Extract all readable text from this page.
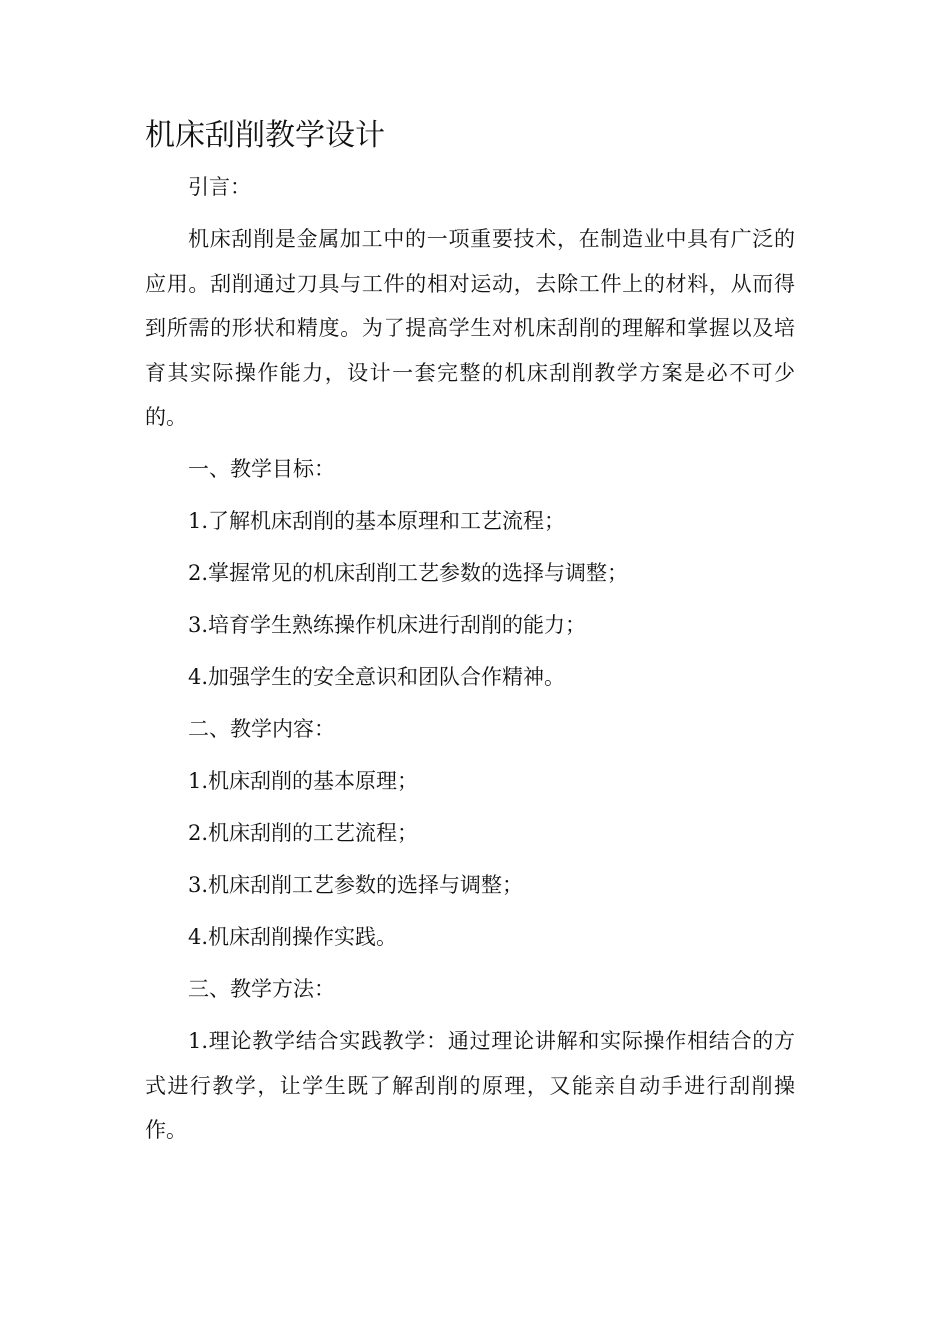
机床刮削教学设计

引言：

机床刮削是金属加工中的一项重要技术，在制造业中具有广泛的应用。刮削通过刀具与工件的相对运动，去除工件上的材料，从而得到所需的形状和精度。为了提高学生对机床刮削的理解和掌握以及培育其实际操作能力，设计一套完整的机床刮削教学方案是必不可少的。

一、教学目标：

1.了解机床刮削的基本原理和工艺流程；

2.掌握常见的机床刮削工艺参数的选择与调整；

3.培育学生熟练操作机床进行刮削的能力；

4.加强学生的安全意识和团队合作精神。

二、教学内容：

1.机床刮削的基本原理；

2.机床刮削的工艺流程；

3.机床刮削工艺参数的选择与调整；

4.机床刮削操作实践。

三、教学方法：

1.理论教学结合实践教学：通过理论讲解和实际操作相结合的方式进行教学，让学生既了解刮削的原理，又能亲自动手进行刮削操作。
